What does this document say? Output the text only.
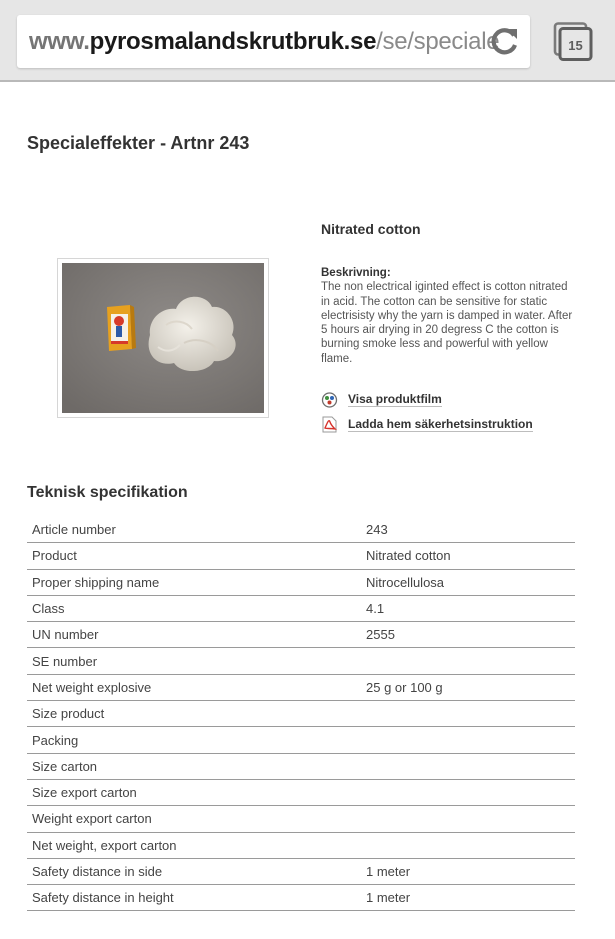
www.pyrosmalandskrutbruk.se/se/speciale	15
Specialeffekter - Artnr 243
Nitrated cotton
Beskrivning:
The non electrical iginted effect is cotton nitrated in acid. The cotton can be sensitive for static electrisisty why the yarn is damped in water. After 5 hours air drying in 20 degress C the cotton is burning smoke less and powerful with yellow flame.
Visa produktfilm
Ladda hem säkerhetsinstruktion
Teknisk specifikation
Article number	243
Product	Nitrated cotton
Proper shipping name	Nitrocellulosa
Class	4.1
UN number	2555
SE number	
Net weight explosive	25 g or 100 g
Size product	
Packing	
Size carton	
Size export carton	
Weight export carton	
Net weight, export carton	
Safety distance in side	1 meter
Safety distance in height	1 meter
